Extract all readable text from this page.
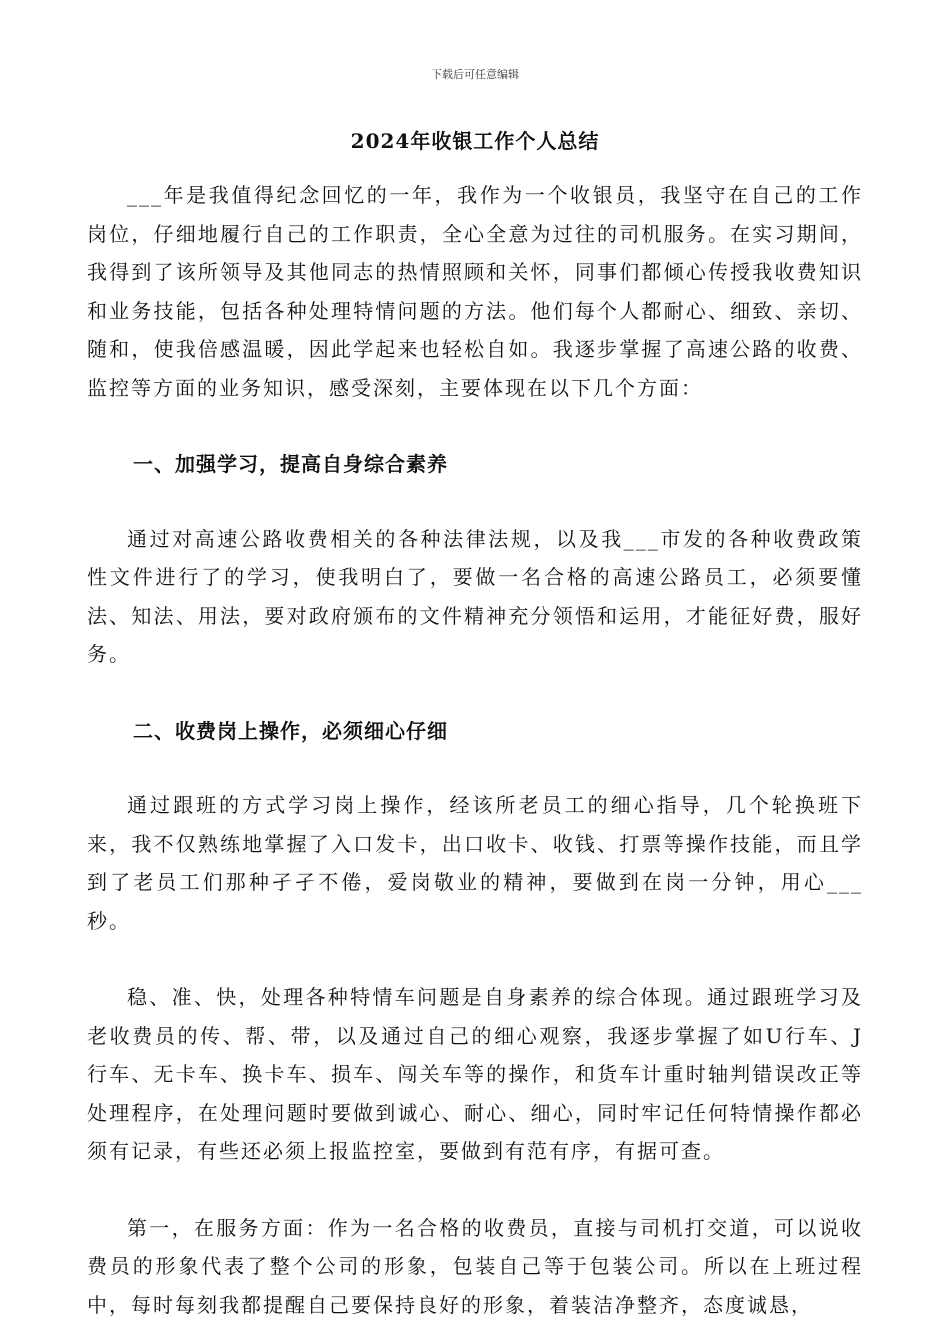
下载后可任意编辑
2024年收银工作个人总结

___年是我值得纪念回忆的一年，我作为一个收银员，我坚守在自己的工作岗位，仔细地履行自己的工作职责，全心全意为过往的司机服务。在实习期间，我得到了该所领导及其他同志的热情照顾和关怀，同事们都倾心传授我收费知识和业务技能，包括各种处理特情问题的方法。他们每个人都耐心、细致、亲切、随和，使我倍感温暖，因此学起来也轻松自如。我逐步掌握了高速公路的收费、监控等方面的业务知识，感受深刻，主要体现在以下几个方面：

一、加强学习，提高自身综合素养

通过对高速公路收费相关的各种法律法规，以及我___市发的各种收费政策性文件进行了的学习，使我明白了，要做一名合格的高速公路员工，必须要懂法、知法、用法，要对政府颁布的文件精神充分领悟和运用，才能征好费，服好务。

二、收费岗上操作，必须细心仔细

通过跟班的方式学习岗上操作，经该所老员工的细心指导，几个轮换班下来，我不仅熟练地掌握了入口发卡，出口收卡、收钱、打票等操作技能，而且学到了老员工们那种孑孑不倦，爱岗敬业的精神，要做到在岗一分钟，用心___秒。

稳、准、快，处理各种特情车问题是自身素养的综合体现。通过跟班学习及老收费员的传、帮、带，以及通过自己的细心观察，我逐步掌握了如U行车、J行车、无卡车、换卡车、损车、闯关车等的操作，和货车计重时轴判错误改正等处理程序，在处理问题时要做到诚心、耐心、细心，同时牢记任何特情操作都必须有记录，有些还必须上报监控室，要做到有范有序，有据可查。

第一，在服务方面：作为一名合格的收费员，直接与司机打交道，可以说收费员的形象代表了整个公司的形象，包装自己等于包装公司。所以在上班过程中，每时每刻我都提醒自己要保持良好的形象，着装洁净整齐，态度诚恳，
